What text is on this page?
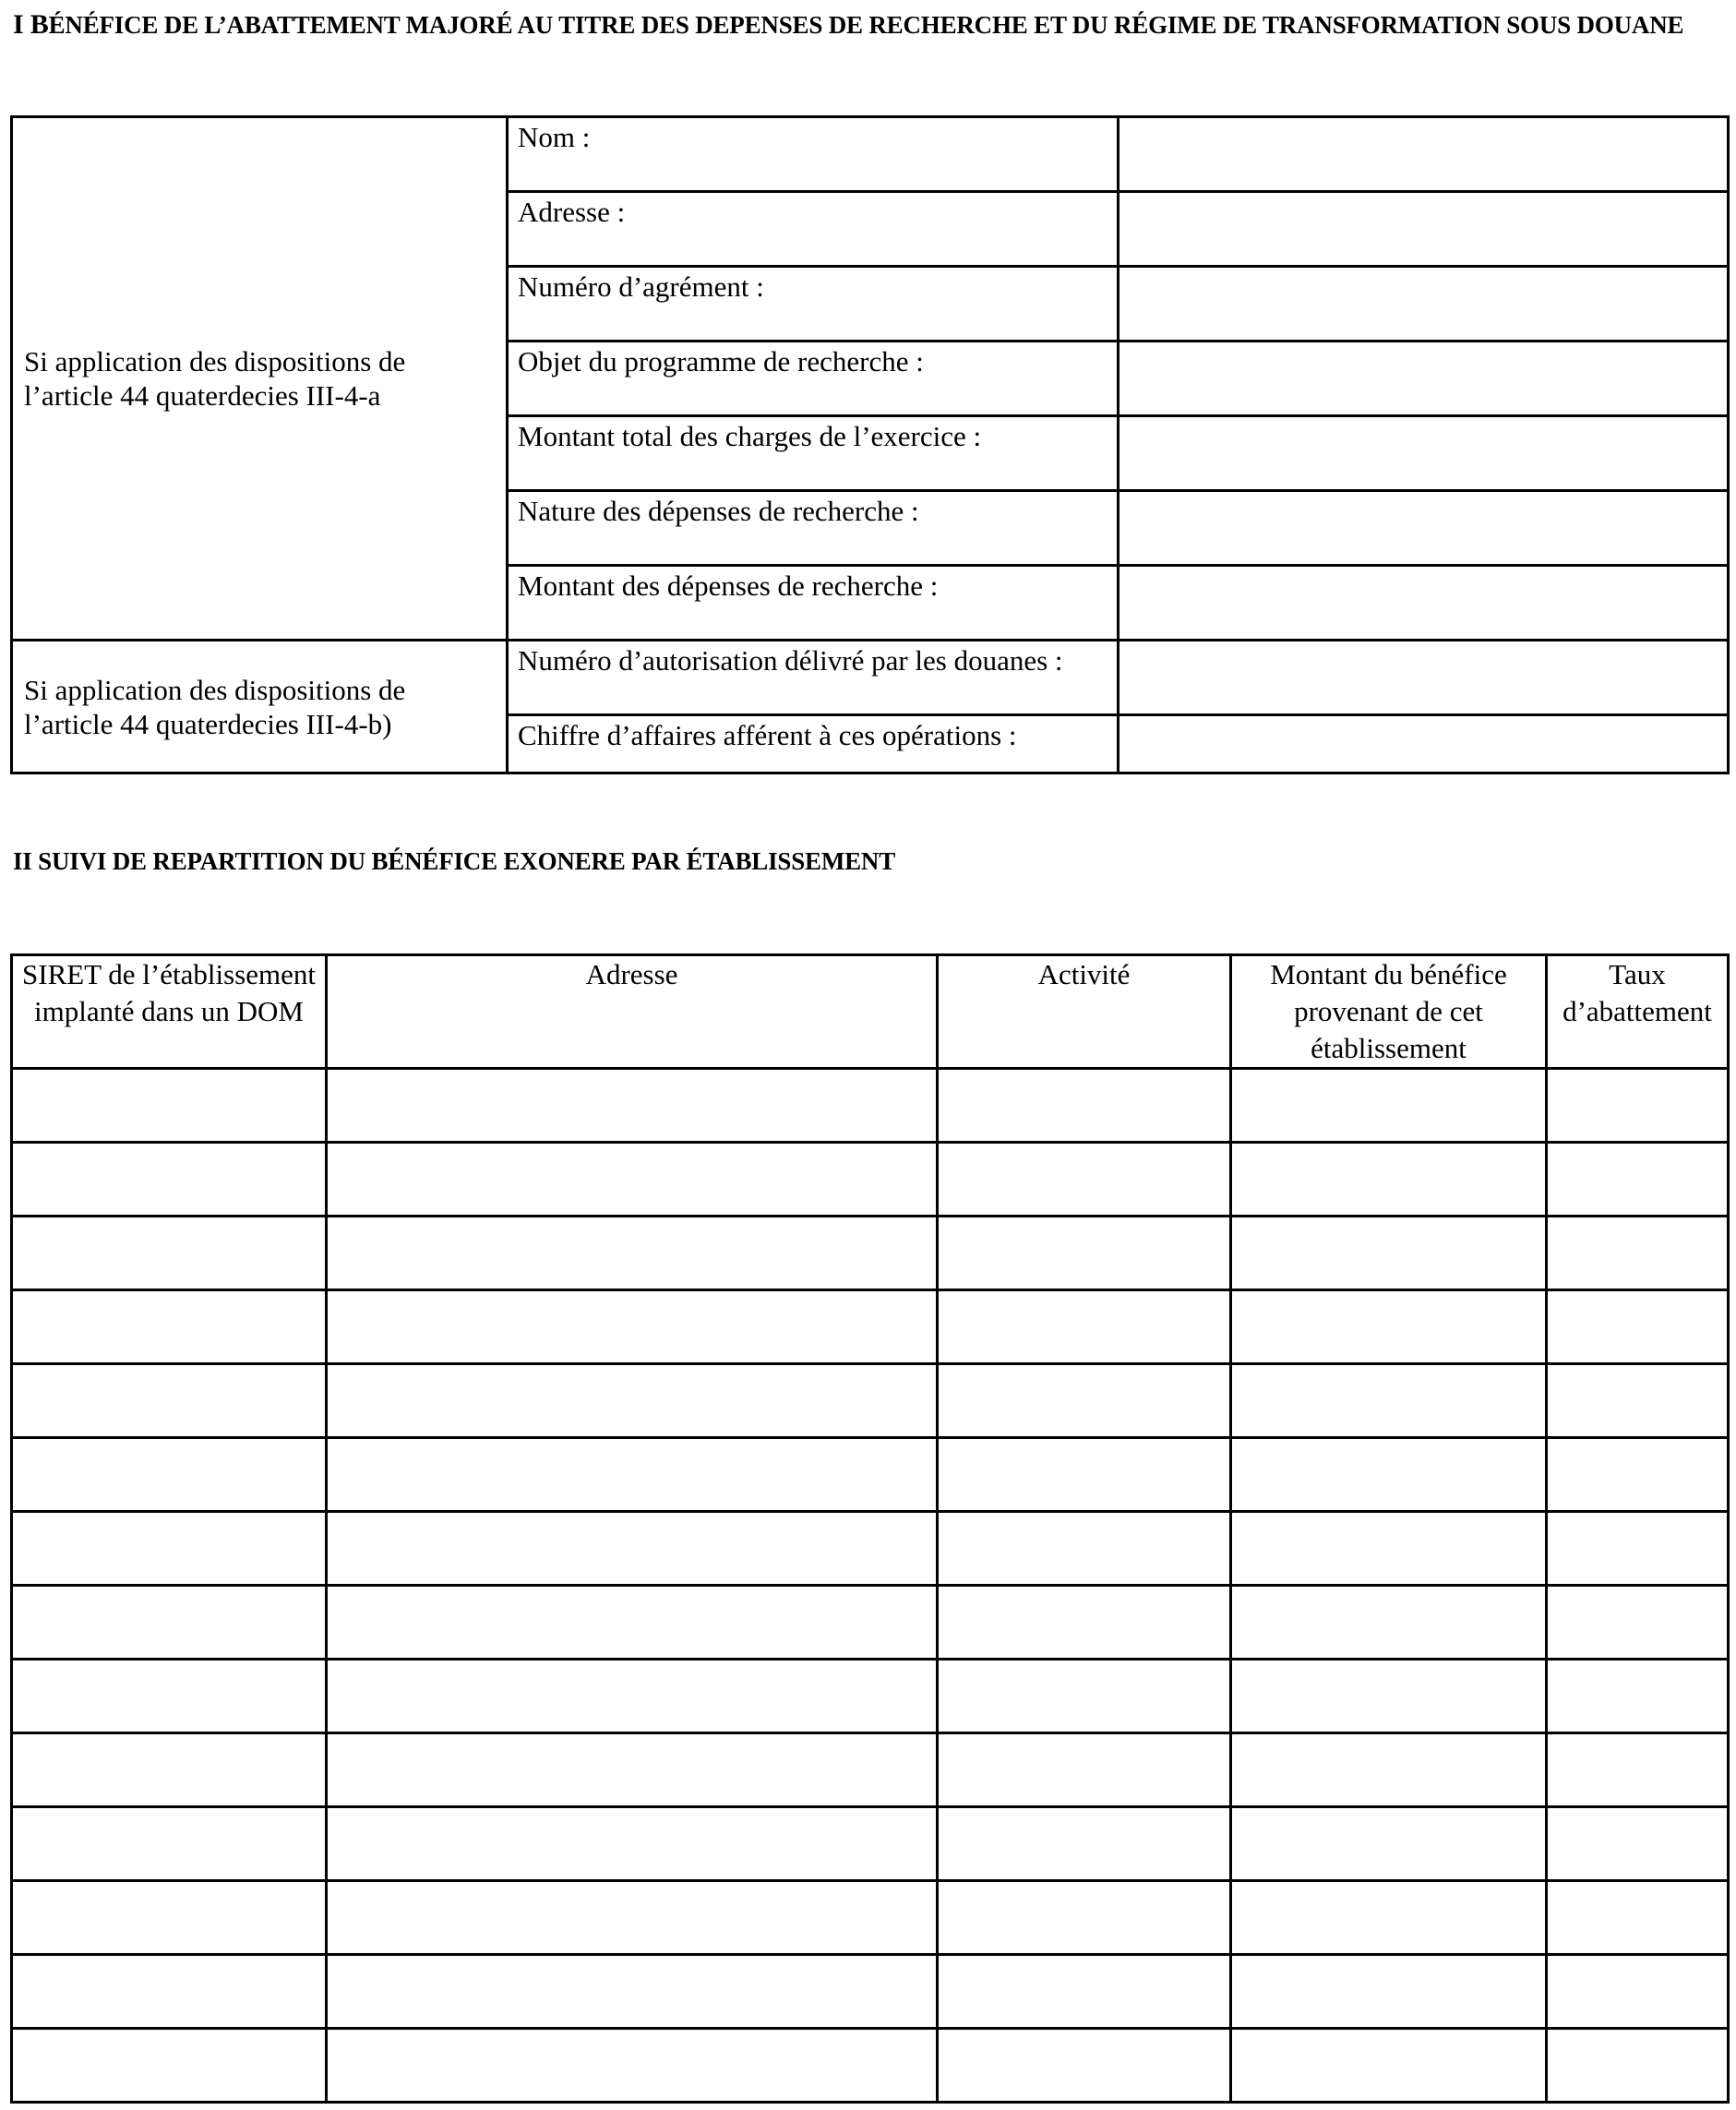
I BÉNÉFICE DE L’ABATTEMENT MAJORÉ AU TITRE DES DEPENSES DE RECHERCHE ET DU RÉGIME DE TRANSFORMATION SOUS DOUANE
Si application des dispositions de l’article 44 quaterdecies III-4-a	Nom :	
	Adresse :	
	Numéro d’agrément :	
	Objet du programme de recherche :	
	Montant total des charges de l’exercice :	
	Nature des dépenses de recherche :	
	Montant des dépenses de recherche :	
Si application des dispositions de l’article 44 quaterdecies III-4-b)	Numéro d’autorisation délivré par les douanes :	
	Chiffre d’affaires afférent à ces opérations :	
II SUIVI DE REPARTITION DU BÉNÉFICE EXONERE PAR ÉTABLISSEMENT
SIRET de l’établissement implanté dans un DOM	Adresse	Activité	Montant du bénéfice provenant de cet établissement	Taux d’abattement
